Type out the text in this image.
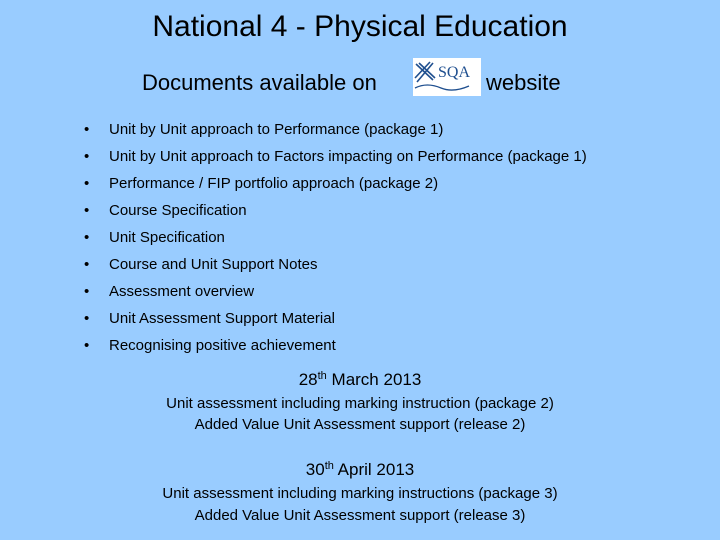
National 4 - Physical Education
Documents available on	website
SQA
• Unit by Unit approach to Performance (package 1)
• Unit by Unit approach to Factors impacting on Performance (package 1)
• Performance / FIP portfolio approach (package 2)
• Course Specification
• Unit Specification
• Course and Unit Support Notes
• Assessment overview
• Unit Assessment Support Material
• Recognising positive achievement
28th March 2013
Unit assessment including marking instruction (package 2)
Added Value Unit Assessment support (release 2)
30th April 2013
Unit assessment including marking instructions (package 3)
Added Value Unit Assessment support (release 3)
